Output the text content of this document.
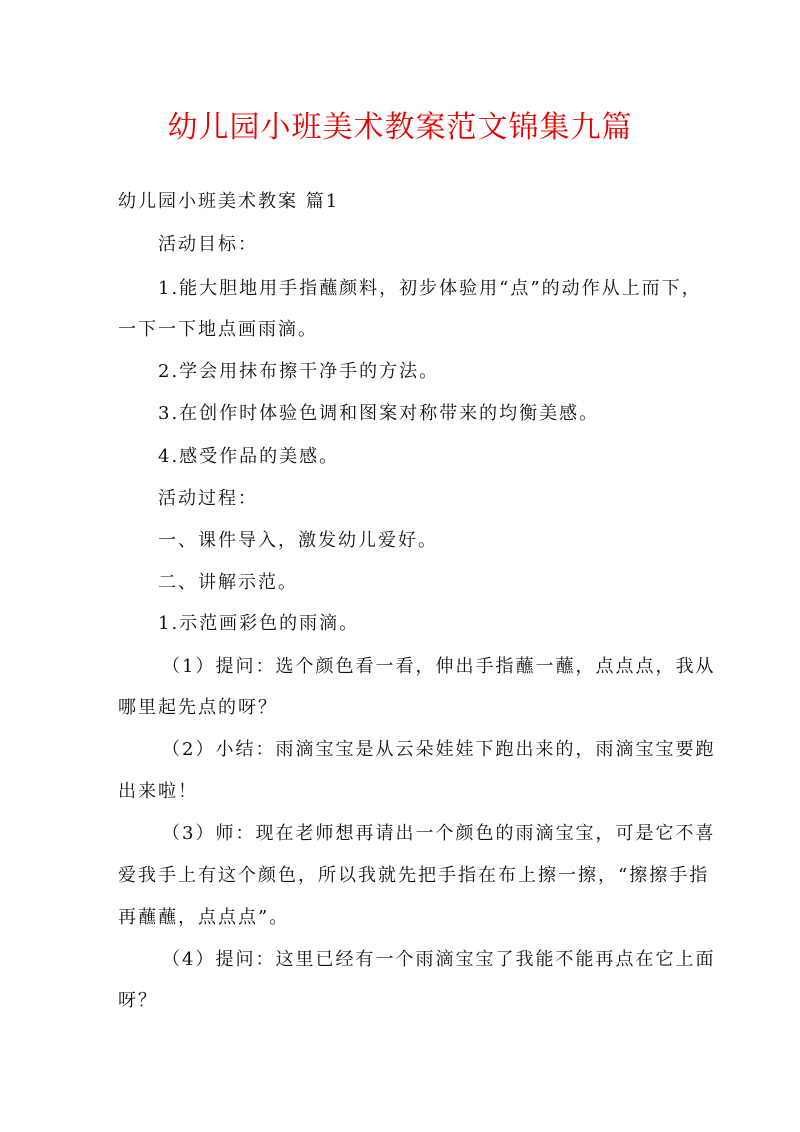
幼儿园小班美术教案范文锦集九篇
幼儿园小班美术教案 篇1
活动目标：
1.能大胆地用手指蘸颜料，初步体验用“点”的动作从上而下，
一下一下地点画雨滴。
2.学会用抹布擦干净手的方法。
3.在创作时体验色调和图案对称带来的均衡美感。
4.感受作品的美感。
活动过程：
一、课件导入，激发幼儿爱好。
二、讲解示范。
1.示范画彩色的雨滴。
（1）提问：选个颜色看一看，伸出手指蘸一蘸，点点点，我从
哪里起先点的呀？
（2）小结：雨滴宝宝是从云朵娃娃下跑出来的，雨滴宝宝要跑
出来啦！
（3）师：现在老师想再请出一个颜色的雨滴宝宝，可是它不喜
爱我手上有这个颜色，所以我就先把手指在布上擦一擦，“擦擦手指
再蘸蘸，点点点”。
（4）提问：这里已经有一个雨滴宝宝了我能不能再点在它上面
呀？
